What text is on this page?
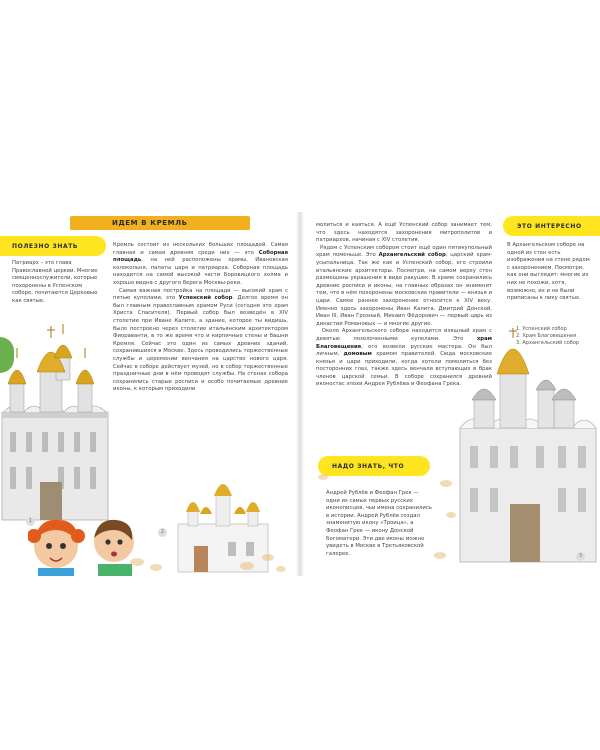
ИДЕМ В КРЕМЛЬ
ПОЛЕЗНО ЗНАТЬ
Патриарх – это глава Православной церкви. Многие священнослужители, которые похоронены в Успенском соборе, почитаются Церковью как святые.
Кремль состоит из нескольких больших площадей. Самая главная и самая древняя среди них — это Соборная площадь, на ней расположены храмы, Ивановская колокольня, палаты царя и патриарха. Соборная площадь находится на самой высокой части Боровицкого холма и хорошо видна с другого берега Москвы-реки.
Самая важная постройка на площади — высокий храм с пятью куполами, это Успенский собор. Долгое время он был главным православным храмом Руси (сегодня это храм Христа Спасителя). Первый собор был возведён в XIV столетии при Иване Калите, а здание, которое ты видишь, было построено через столетие итальянским архитектором Фиораванти, в то же время что и кирпичные стены и башни Кремля. Сейчас это один из самых древних зданий, сохранившихся в Москве. Здесь проводились торжественные службы и церемонии венчания на царство нового царя. Сейчас в соборе действует музей, но в собор торжественные праздничные дни в нём проводят службы. На стенах собора сохранились старые росписи и особо почитаемые древние иконы, к которым приходили
1
2
молиться и каяться. А ещё Успенский собор занимает тем, что здесь находятся захоронения митрополитов и патриархов, начиная с XIV столетия.
Рядом с Успенским собором стоит ещё один пятикупольный храм поменьше. Это Архангельский собор, царский храм-усыпальница. Так же как и Успенский собор, его строили итальянские архитекторы. Посмотри, на самом верху стен размещены украшения в виде ракушек. В храме сохранились древние росписи и иконы, на главных образах он знаменит тем, что в нём похоронены московские правители — князья и цари. Самое раннее захоронение относится к XIV веку. Именно здесь захоронены Иван Калита, Дмитрий Донской, Иван III, Иван Грозный, Михаил Фёдорович — первый царь из династии Романовых — и многие другие.
Около Архангельского собора находится изящный храм с девятью позолоченными куполами. Это	храм Благовещения, его возвели русские мастера. Он был личным, домовым храмом правителей. Сюда московские князья и цари приходили, когда хотели помолиться без посторонних глаз, также здесь венчали вступающих в брак членов царской семьи. В соборе сохранился древний иконостас эпохи Андрея Рублёва и Феофана Грека.
ЭТО ИНТЕРЕСНО
В Архангельском соборе на одной из стен есть изображения на стене рядом с захоронением. Посмотри, как они выглядят: многие из них не похожи, хотя, возможно, их и не были приписаны к лику святых.
1. Успенский собор
2. Храм Благовещения
3. Архангельский собор
3
НАДО ЗНАТЬ, ЧТО
Андрей Рублёв и Феофан Грек — одни из самых первых русских иконописцев, чьи имена сохранились в истории. Андрей Рублёв создал знаменитую икону «Троица», а Феофан Грек — икону Донской Богоматери. Эти две иконы можно увидеть в Москве в Третьяковской галерее.
